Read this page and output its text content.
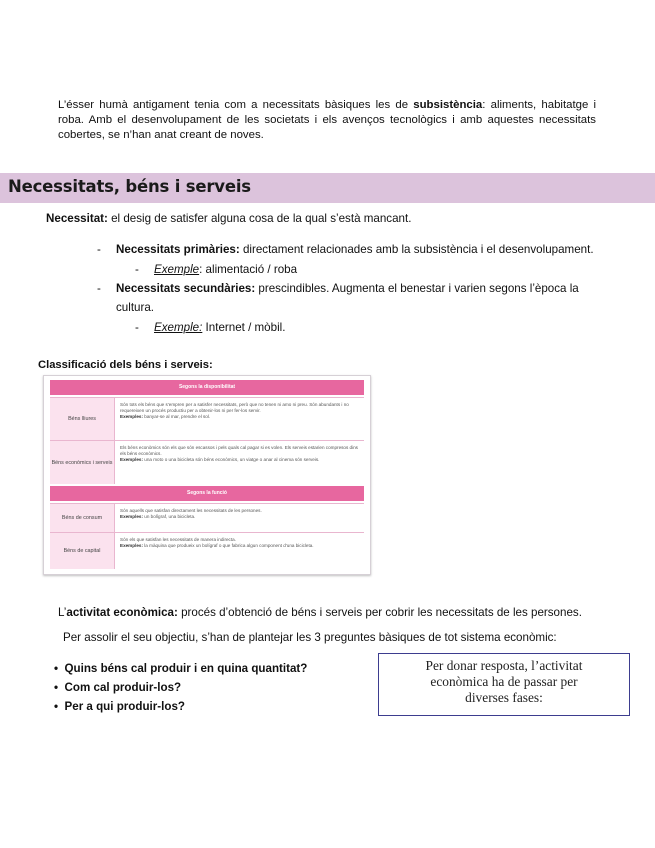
L’ésser humà antigament tenia com a necessitats bàsiques les de subsistència: aliments, habitatge i roba. Amb el desenvolupament de les societats i els avenços tecnològics i amb aquestes necessitats cobertes, se n’han anat creant de noves.
Necessitats, béns i serveis
Necessitat: el desig de satisfer alguna cosa de la qual s’està mancant.
- Necessitats primàries: directament relacionades amb la subsistència i el desenvolupament.
- Exemple: alimentació / roba
- Necessitats secundàries: prescindibles. Augmenta el benestar i varien segons l’època la
cultura.
- Exemple: Internet / mòbil.
Classificació dels béns i serveis:
Segons la disponibilitat
Béns lliures
Són tots els béns que s’empren per a satisfer necessitats, però que no tenen ni amo ni preu. Són abundants i no requereixen un procés productiu per a obtenir-los ni per fer-los servir.
Exemples: banyar-se al mar, prendre el sol.
Béns econòmics i serveis
Els béns econòmics són els que són escassos i pels quals cal pagar si es volen. Els serveis estarien compresos dins els béns econòmics.
Exemples: una moto o una bicicleta són béns econòmics, un viatge o anar al cinema són serveis.
Segons la funció
Béns de consum
Són aquells que satisfan directament les necessitats de les persones.
Exemples: un bolígraf, una bicicleta.
Béns de capital
Són els que satisfan les necessitats de manera indirecta.
Exemples: la màquina que produeix un bolígraf o que fabrica algun component d’una bicicleta.
L’activitat econòmica: procés d’obtenció de béns i serveis per cobrir les necessitats de les persones.
Per assolir el seu objectiu, s’han de plantejar les 3 preguntes bàsiques de tot sistema econòmic:
• Quins béns cal produir i en quina quantitat?
• Com cal produir-los?
• Per a qui produir-los?
Per donar resposta, l’activitat
econòmica ha de passar per
diverses fases:
